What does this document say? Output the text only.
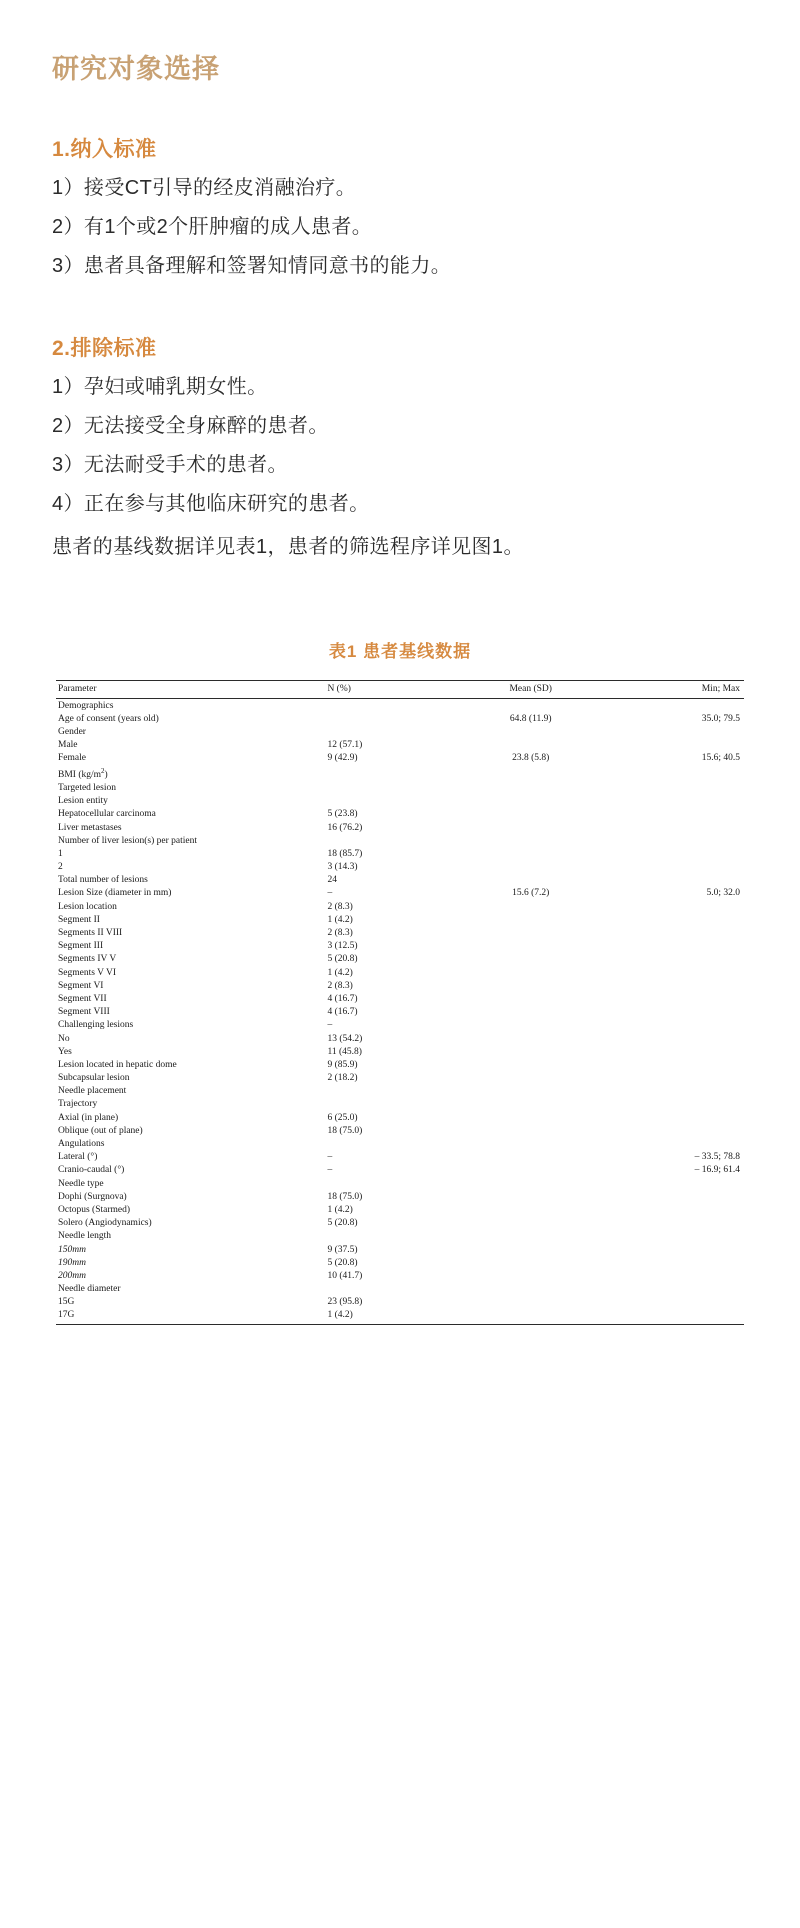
研究对象选择
1.纳入标准

1）接受CT引导的经皮消融治疗。

2）有1个或2个肝肿瘤的成人患者。

3）患者具备理解和签署知情同意书的能力。

2.排除标准

1）孕妇或哺乳期女性。

2）无法接受全身麻醉的患者。

3）无法耐受手术的患者。

4）正在参与其他临床研究的患者。

患者的基线数据详见表1，患者的筛选程序详见图1。

表1 患者基线数据
Parameter	N (%)	Mean (SD)	Min; Max
Demographics			
Age of consent (years old)		64.8 (11.9)	35.0; 79.5
Gender			
Male	12 (57.1)		
Female	9 (42.9)	23.8 (5.8)	15.6; 40.5
BMI $(kg/m^2)$			
Targeted lesion			
Lesion entity			
Hepatocellular carcinoma	5 (23.8)		
Liver metastases	16 (76.2)		
Number of liver lesion(s) per patient			
1	18 (85.7)		
2	3 (14.3)		
Total number of lesions	24		
Lesion Size (diameter in mm)	–	15.6 (7.2)	5.0; 32.0
Lesion location	2 (8.3)		
Segment II	1 (4.2)		
Segments II VIII	2 (8.3)		
Segment III	3 (12.5)		
Segments IV V	5 (20.8)		
Segments V VI	1 (4.2)		
Segment VI	2 (8.3)		
Segment VII	4 (16.7)		
Segment VIII	4 (16.7)		
Challenging lesions	–		
No	13 (54.2)		
Yes	11 (45.8)		
Lesion located in hepatic dome	9 (85.9)		
Subcapsular lesion	2 (18.2)		
Needle placement			
Trajectory			
Axial (in plane)	6 (25.0)		
Oblique (out of plane)	18 (75.0)		
Angulations			
Lateral (°)	–		– 33.5; 78.8
Cranio-caudal (°)	–		– 16.9; 61.4
Needle type			
Dophi (Surgnova)	18 (75.0)		
Octopus (Starmed)	1 (4.2)		
Solero (Angiodynamics)	5 (20.8)		
Needle length			
150mm	9 (37.5)		
190mm	5 (20.8)		
200mm	10 (41.7)		
Needle diameter			
15G	23 (95.8)		
17G	1 (4.2)		
